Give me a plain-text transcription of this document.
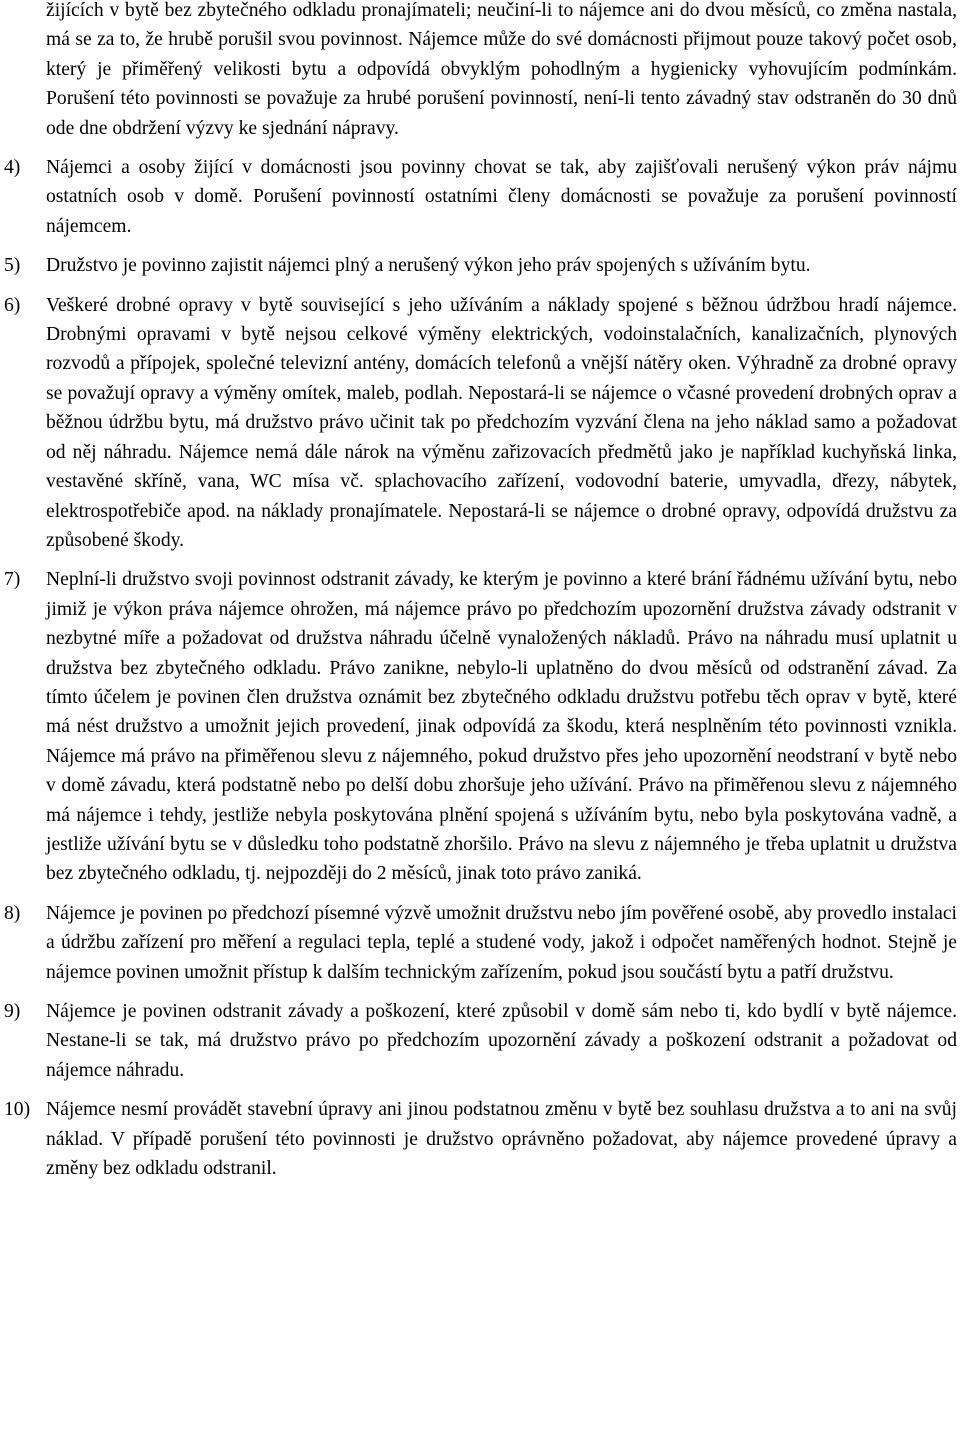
žijících v bytě bez zbytečného odkladu pronajímateli; neučiní-li to nájemce ani do dvou měsíců, co změna nastala, má se za to, že hrubě porušil svou povinnost. Nájemce může do své domácnosti přijmout pouze takový počet osob, který je přiměřený velikosti bytu a odpovídá obvyklým pohodlným a hygienicky vyhovujícím podmínkám. Porušení této povinnosti se považuje za hrubé porušení povinností, není-li tento závadný stav odstraněn do 30 dnů ode dne obdržení výzvy ke sjednání nápravy.

4)	Nájemci a osoby žijící v domácnosti jsou povinny chovat se tak, aby zajišťovali nerušený výkon práv nájmu ostatních osob v domě. Porušení povinností ostatními členy domácnosti se považuje za porušení povinností nájemcem.
5)	Družstvo je povinno zajistit nájemci plný a nerušený výkon jeho práv spojených s užíváním bytu.
6)	Veškeré drobné opravy v bytě související s jeho užíváním a náklady spojené s běžnou údržbou hradí nájemce. Drobnými opravami v bytě nejsou celkové výměny elektrických, vodoinstalačních, kanalizačních, plynových rozvodů a přípojek, společné televizní antény, domácích telefonů a vnější nátěry oken. Výhradně za drobné opravy se považují opravy a výměny omítek, maleb, podlah. Nepostará-li se nájemce o včasné provedení drobných oprav a běžnou údržbu bytu, má družstvo právo učinit tak po předchozím vyzvání člena na jeho náklad samo a požadovat od něj náhradu. Nájemce nemá dále nárok na výměnu zařizovacích předmětů jako je například kuchyňská linka, vestavěné skříně, vana, WC mísa vč. splachovacího zařízení, vodovodní baterie, umyvadla, dřezy, nábytek, elektrospotřebiče apod. na náklady pronajímatele. Nepostará-li se nájemce o drobné opravy, odpovídá družstvu za způsobené škody.
7)	Neplní-li družstvo svoji povinnost odstranit závady, ke kterým je povinno a které brání řádnému užívání bytu, nebo jimiž je výkon práva nájemce ohrožen, má nájemce právo po předchozím upozornění družstva závady odstranit v nezbytné míře a požadovat od družstva náhradu účelně vynaložených nákladů. Právo na náhradu musí uplatnit u družstva bez zbytečného odkladu. Právo zanikne, nebylo-li uplatněno do dvou měsíců od odstranění závad. Za tímto účelem je povinen člen družstva oznámit bez zbytečného odkladu družstvu potřebu těch oprav v bytě, které má nést družstvo a umožnit jejich provedení, jinak odpovídá za škodu, která nesplněním této povinnosti vznikla. Nájemce má právo na přiměřenou slevu z nájemného, pokud družstvo přes jeho upozornění neodstraní v bytě nebo v domě závadu, která podstatně nebo po delší dobu zhoršuje jeho užívání. Právo na přiměřenou slevu z nájemného má nájemce i tehdy, jestliže nebyla poskytována plnění spojená s užíváním bytu, nebo byla poskytována vadně, a jestliže užívání bytu se v důsledku toho podstatně zhoršilo. Právo na slevu z nájemného je třeba uplatnit u družstva bez zbytečného odkladu, tj. nejpozději do 2 měsíců, jinak toto právo zaniká.
8)	Nájemce je povinen po předchozí písemné výzvě umožnit družstvu nebo jím pověřené osobě, aby provedlo instalaci a údržbu zařízení pro měření a regulaci tepla, teplé a studené vody, jakož i odpočet naměřených hodnot. Stejně je nájemce povinen umožnit přístup k dalším technickým zařízením, pokud jsou součástí bytu a patří družstvu.
9)	Nájemce je povinen odstranit závady a poškození, které způsobil v domě sám nebo ti, kdo bydlí v bytě nájemce. Nestane-li se tak, má družstvo právo po předchozím upozornění závady a poškození odstranit a požadovat od nájemce náhradu.
10) Nájemce nesmí provádět stavební úpravy ani jinou podstatnou změnu v bytě bez souhlasu družstva a to ani na svůj náklad. V případě porušení této povinnosti je družstvo oprávněno požadovat, aby nájemce provedené úpravy a změny bez odkladu odstranil.
